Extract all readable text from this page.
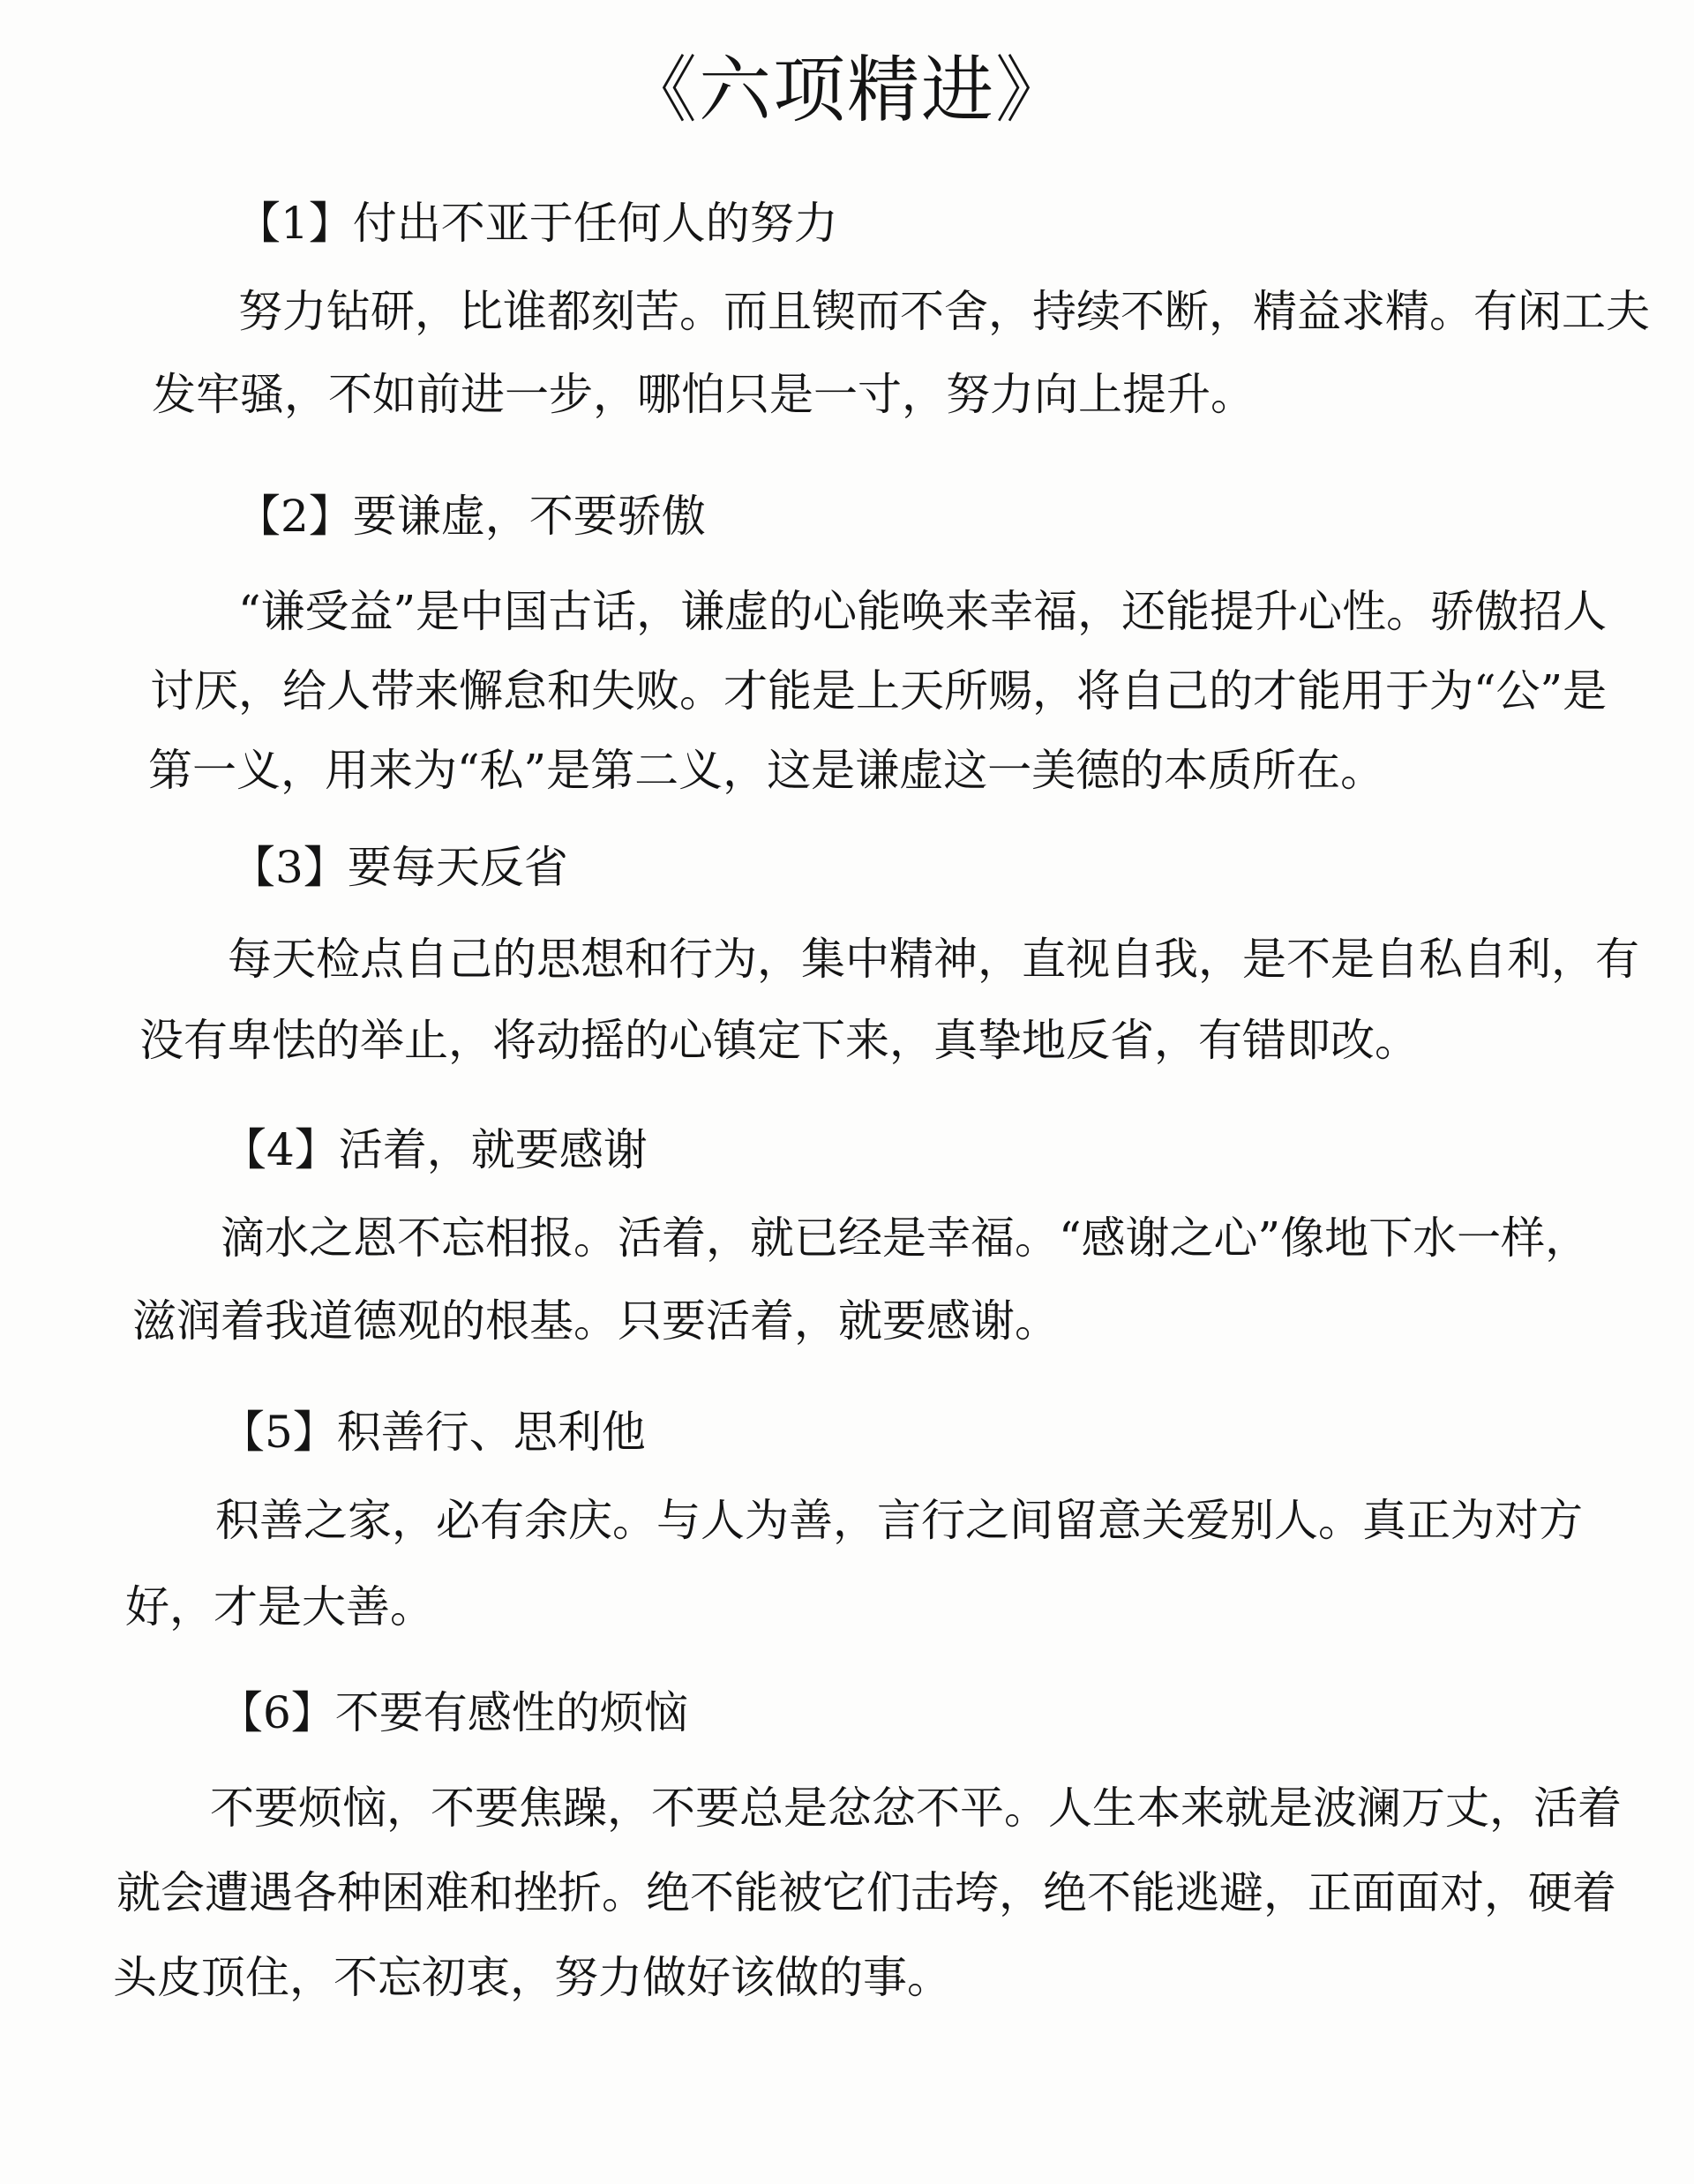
《六项精进》
【1】付出不亚于任何人的努力
努力钻研，比谁都刻苦。而且锲而不舍，持续不断，精益求精。有闲工夫
发牢骚，不如前进一步，哪怕只是一寸，努力向上提升。
【2】要谦虚，不要骄傲
“谦受益”是中国古话，谦虚的心能唤来幸福，还能提升心性。骄傲招人
讨厌，给人带来懈怠和失败。才能是上天所赐，将自己的才能用于为“公”是
第一义，用来为“私”是第二义，这是谦虚这一美德的本质所在。
【3】要每天反省
每天检点自己的思想和行为，集中精神，直视自我，是不是自私自利，有
没有卑怯的举止，将动摇的心镇定下来，真挚地反省，有错即改。
【4】活着，就要感谢
滴水之恩不忘相报。活着，就已经是幸福。“感谢之心”像地下水一样，
滋润着我道德观的根基。只要活着，就要感谢。
【5】积善行、思利他
积善之家，必有余庆。与人为善，言行之间留意关爱别人。真正为对方
好，才是大善。
【6】不要有感性的烦恼
不要烦恼，不要焦躁，不要总是忿忿不平。人生本来就是波澜万丈，活着
就会遭遇各种困难和挫折。绝不能被它们击垮，绝不能逃避，正面面对，硬着
头皮顶住，不忘初衷，努力做好该做的事。
